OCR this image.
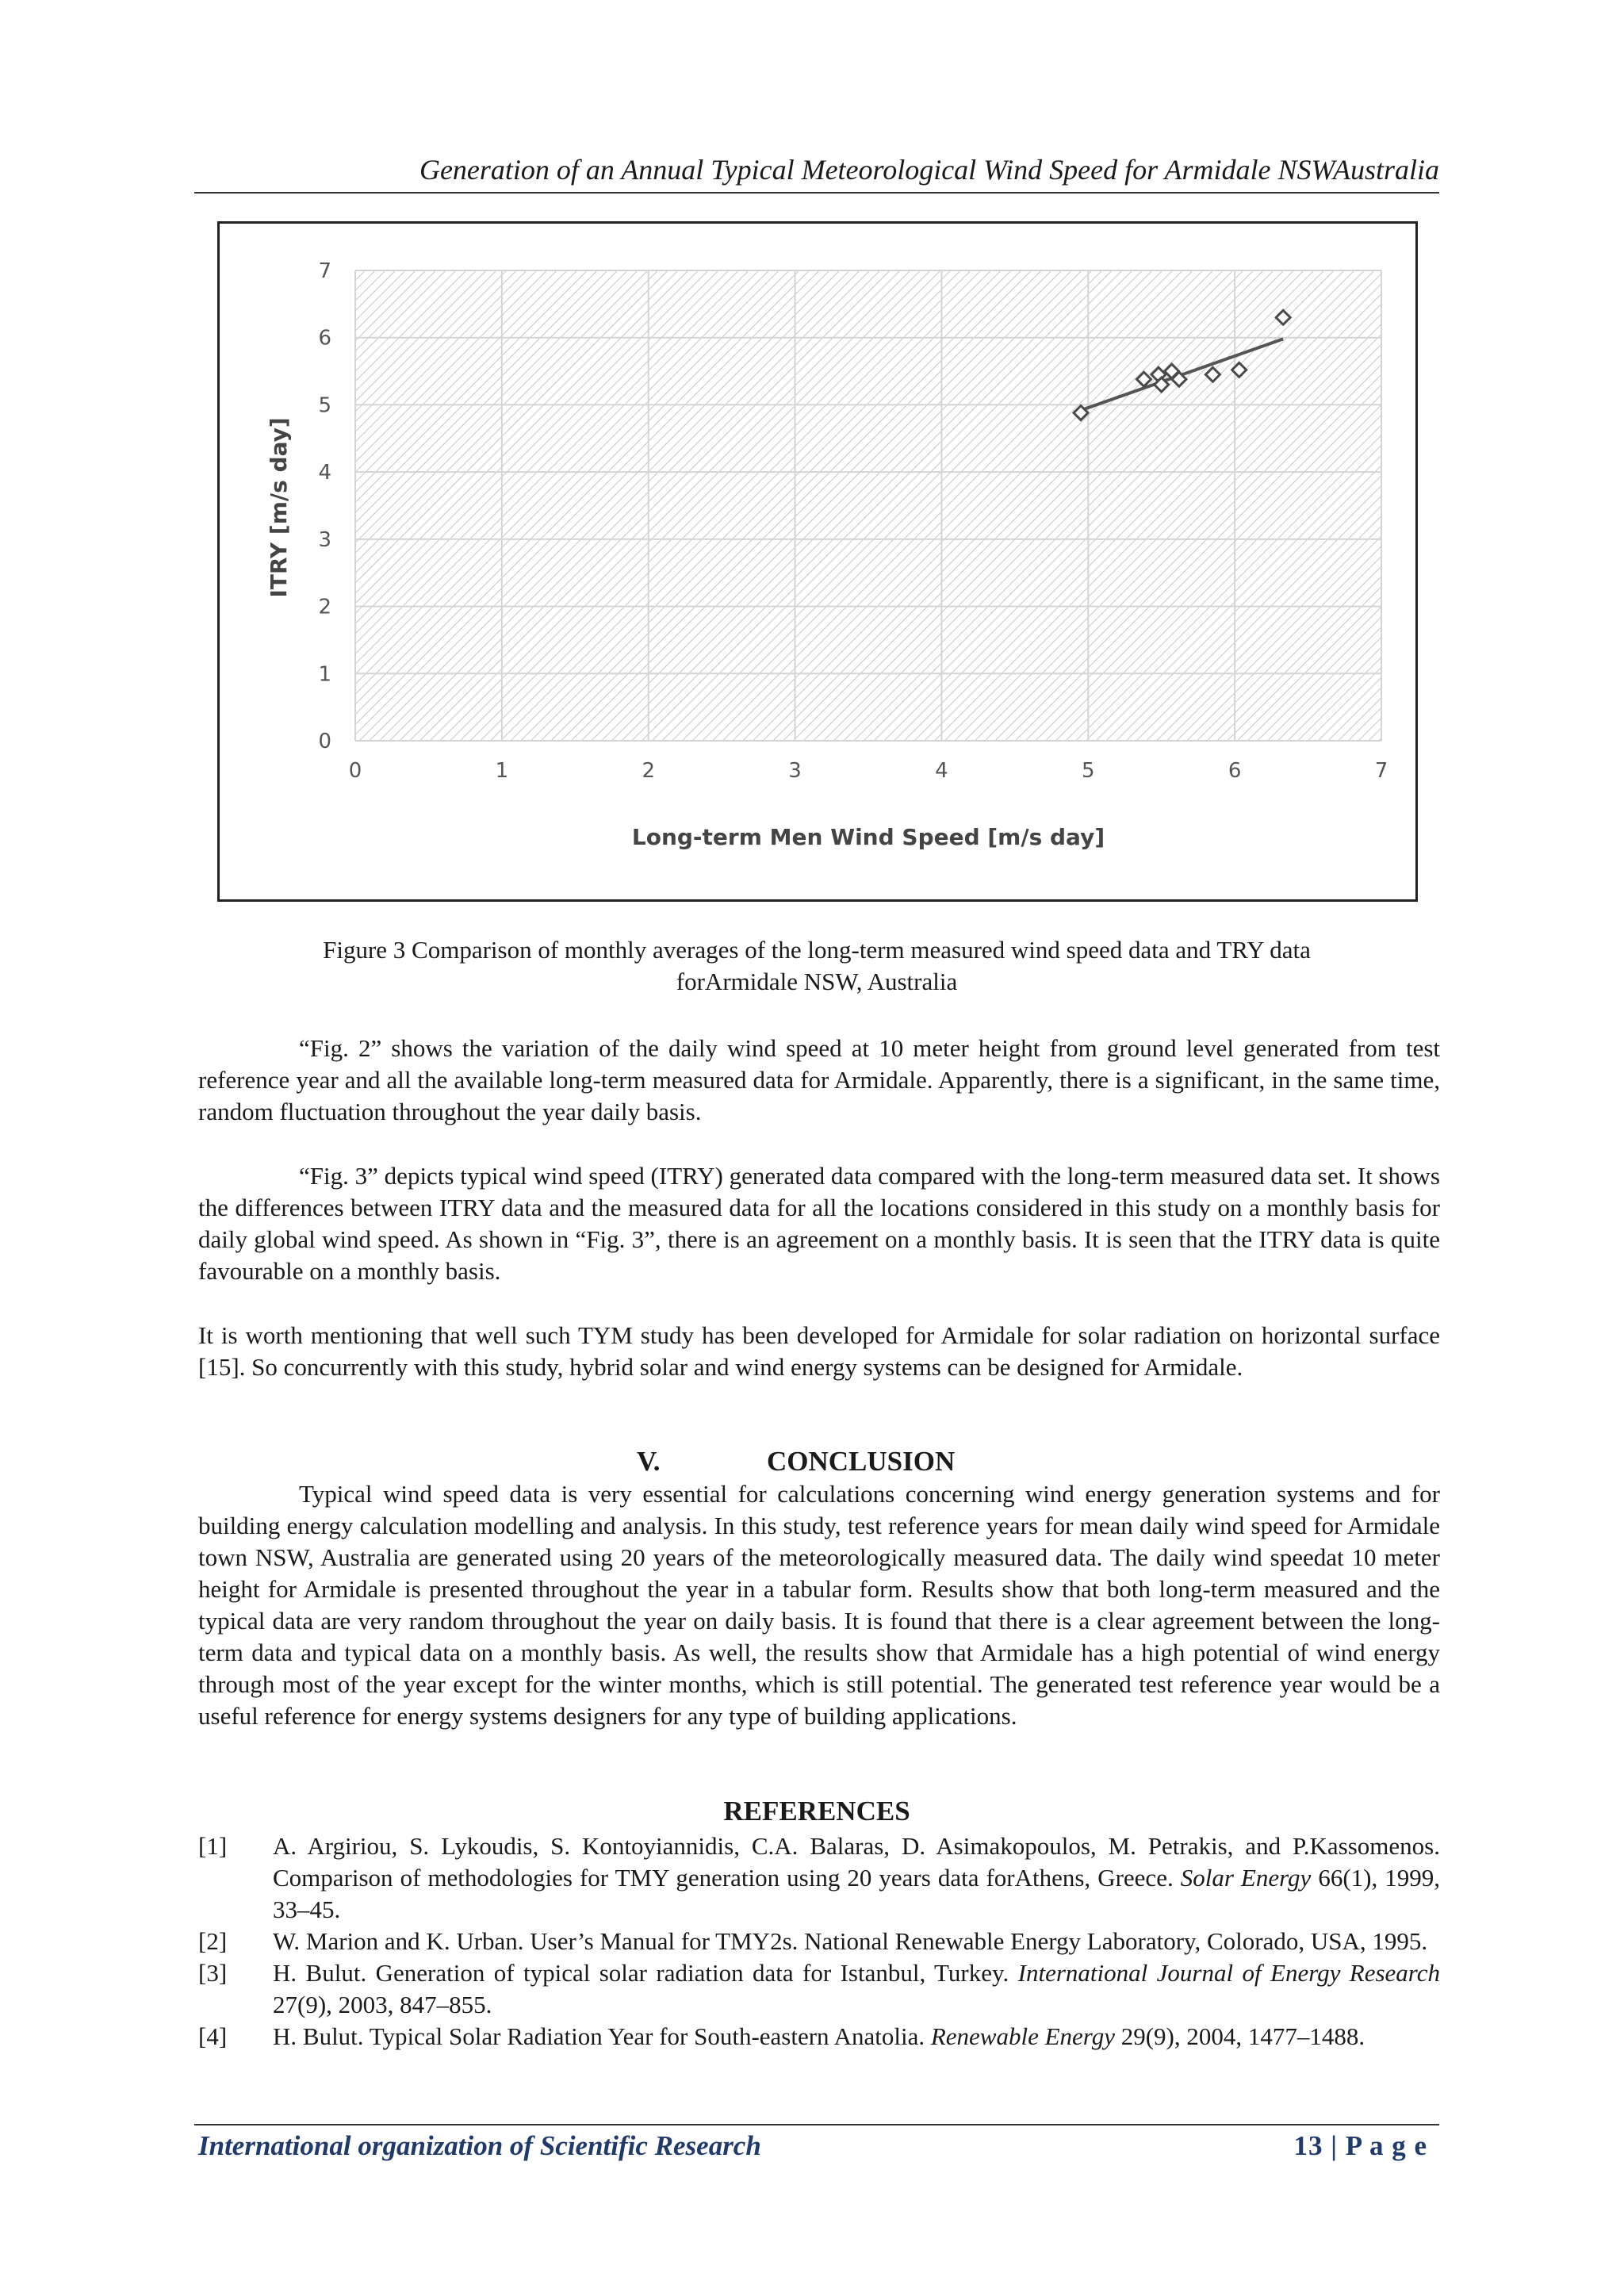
Generation of an Annual Typical Meteorological Wind Speed for Armidale NSWAustralia
0	1	2	3	4	5	6	7
0
1
2
3
4
5
6
7
Long-term Men Wind Speed [m/s day]
ITRY [m/s day]
Figure 3 Comparison of monthly averages of the long-term measured wind speed data and TRY data
forArmidale NSW, Australia

“Fig. 2” shows the variation of the daily wind speed at 10 meter height from ground level generated from test reference year and all the available long-term measured data for Armidale. Apparently, there is a significant, in the same time, random fluctuation throughout the year daily basis.

“Fig. 3” depicts typical wind speed (ITRY) generated data compared with the long-term measured data set. It shows the differences between ITRY data and the measured data for all the locations considered in this study on a monthly basis for daily global wind speed. As shown in “Fig. 3”, there is an agreement on a monthly basis. It is seen that the ITRY data is quite favourable on a monthly basis.

It is worth mentioning that well such TYM study has been developed for Armidale for solar radiation on horizontal surface [15]. So concurrently with this study, hybrid solar and wind energy systems can be designed for Armidale.

V.	CONCLUSION

Typical wind speed data is very essential for calculations concerning wind energy generation systems and for building energy calculation modelling and analysis. In this study, test reference years for mean daily wind speed for Armidale town NSW, Australia are generated using 20 years of the meteorologically measured data. The daily wind speedat 10 meter height for Armidale is presented throughout the year in a tabular form. Results show that both long-term measured and the typical data are very random throughout the year on daily basis. It is found that there is a clear agreement between the long-term data and typical data on a monthly basis. As well, the results show that Armidale has a high potential of wind energy through most of the year except for the winter months, which is still potential. The generated test reference year would be a useful reference for energy systems designers for any type of building applications.

REFERENCES
[1]	A. Argiriou, S. Lykoudis, S. Kontoyiannidis, C.A. Balaras, D. Asimakopoulos, M. Petrakis, and P.Kassomenos. Comparison of methodologies for TMY generation using 20 years data forAthens, Greece. Solar Energy 66(1), 1999, 33–45.
[2]	W. Marion and K. Urban. User’s Manual for TMY2s. National Renewable Energy Laboratory, Colorado, USA, 1995.
[3]	H. Bulut. Generation of typical solar radiation data for Istanbul, Turkey. International Journal of Energy Research 27(9), 2003, 847–855.
[4]	H. Bulut. Typical Solar Radiation Year for South-eastern Anatolia. Renewable Energy 29(9), 2004, 1477–1488.
International organization of Scientific Research	13 | P a g e
